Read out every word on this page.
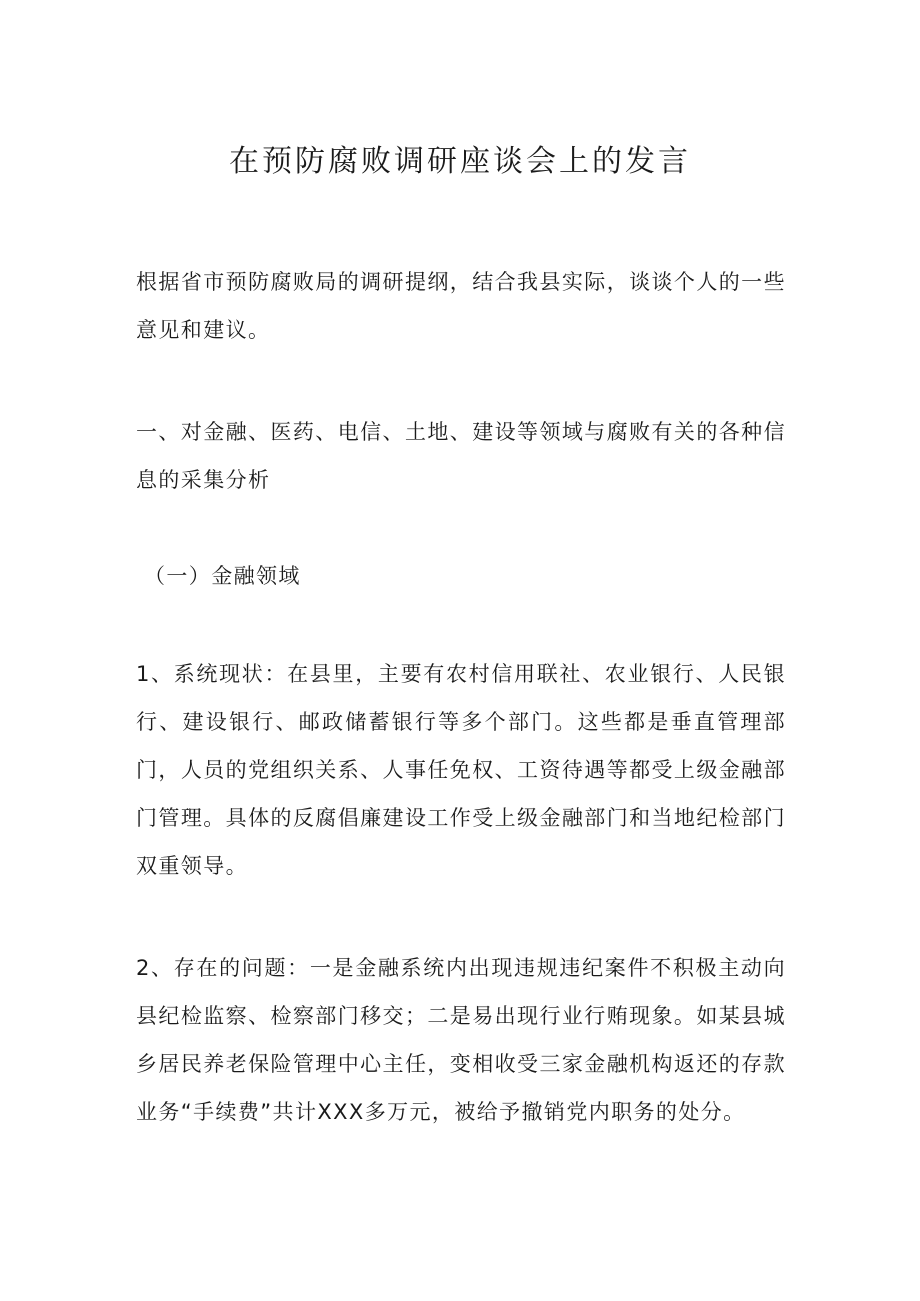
在预防腐败调研座谈会上的发言

根据省市预防腐败局的调研提纲，结合我县实际，谈谈个人的一些意见和建议。

一、对金融、医药、电信、土地、建设等领域与腐败有关的各种信息的采集分析

（一）金融领域

1、系统现状：在县里，主要有农村信用联社、农业银行、人民银行、建设银行、邮政储蓄银行等多个部门。这些都是垂直管理部门，人员的党组织关系、人事任免权、工资待遇等都受上级金融部门管理。具体的反腐倡廉建设工作受上级金融部门和当地纪检部门双重领导。

2、存在的问题：一是金融系统内出现违规违纪案件不积极主动向县纪检监察、检察部门移交；二是易出现行业行贿现象。如某县城乡居民养老保险管理中心主任，变相收受三家金融机构返还的存款业务“手续费”共计XXX多万元，被给予撤销党内职务的处分。
